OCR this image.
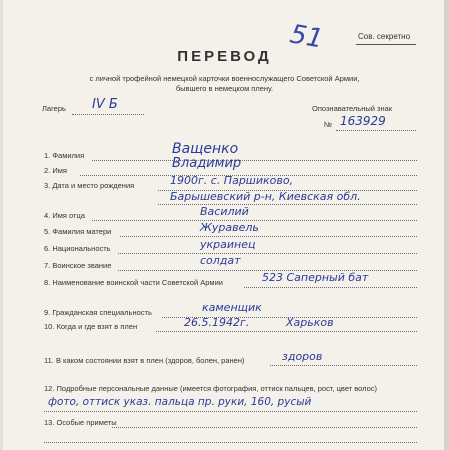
Сов. секретно
51
ПЕРЕВОД
с личной трофейной немецкой карточки военнослужащего Советской Армии,
бывшего в немецком плену.
Лагерь IV Б	Опознавательный знак
№ 163929
1. Фамилия	Ващенко
2. Имя	Владимир
3. Дата и место рождения	1900г. с. Паршиково,
Барышевский р-н, Киевская обл.
4. Имя отца	Василий
5. Фамилия матери	Журавель
6. Национальность	украинец
7. Воинское звание	солдат
8. Наименование воинской части Советской Армии	523 Саперный бат
9. Гражданская специальность	каменщик
10. Когда и где взят в плен	26.5.1942г.	Харьков
11. В каком состоянии взят в плен (здоров, болен, ранен)	здоров
12. Подробные персональные данные (имеется фотография, оттиск пальцев, рост, цвет волос)
фото, оттиск указ. пальца пр. руки, 160, русый
13. Особые приметы
